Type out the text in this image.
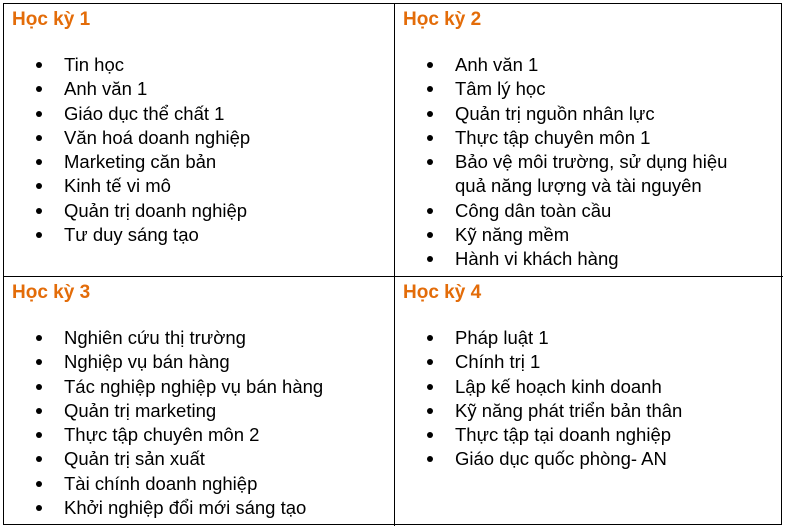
Học kỳ 1
Tin học
Anh văn 1
Giáo dục thể chất 1
Văn hoá doanh nghiệp
Marketing căn bản
Kinh tế vi mô
Quản trị doanh nghiệp
Tư duy sáng tạo
Học kỳ 2
Anh văn 1
Tâm lý học
Quản trị nguồn nhân lực
Thực tập chuyên môn 1
Bảo vệ môi trường, sử dụng hiệu
quả năng lượng và tài nguyên
Công dân toàn cầu
Kỹ năng mềm
Hành vi khách hàng
Học kỳ 3
Nghiên cứu thị trường
Nghiệp vụ bán hàng
Tác nghiệp nghiệp vụ bán hàng
Quản trị marketing
Thực tập chuyên môn 2
Quản trị sản xuất
Tài chính doanh nghiệp
Khởi nghiệp đổi mới sáng tạo
Học kỳ 4
Pháp luật 1
Chính trị 1
Lập kế hoạch kinh doanh
Kỹ năng phát triển bản thân
Thực tập tại doanh nghiệp
Giáo dục quốc phòng- AN
